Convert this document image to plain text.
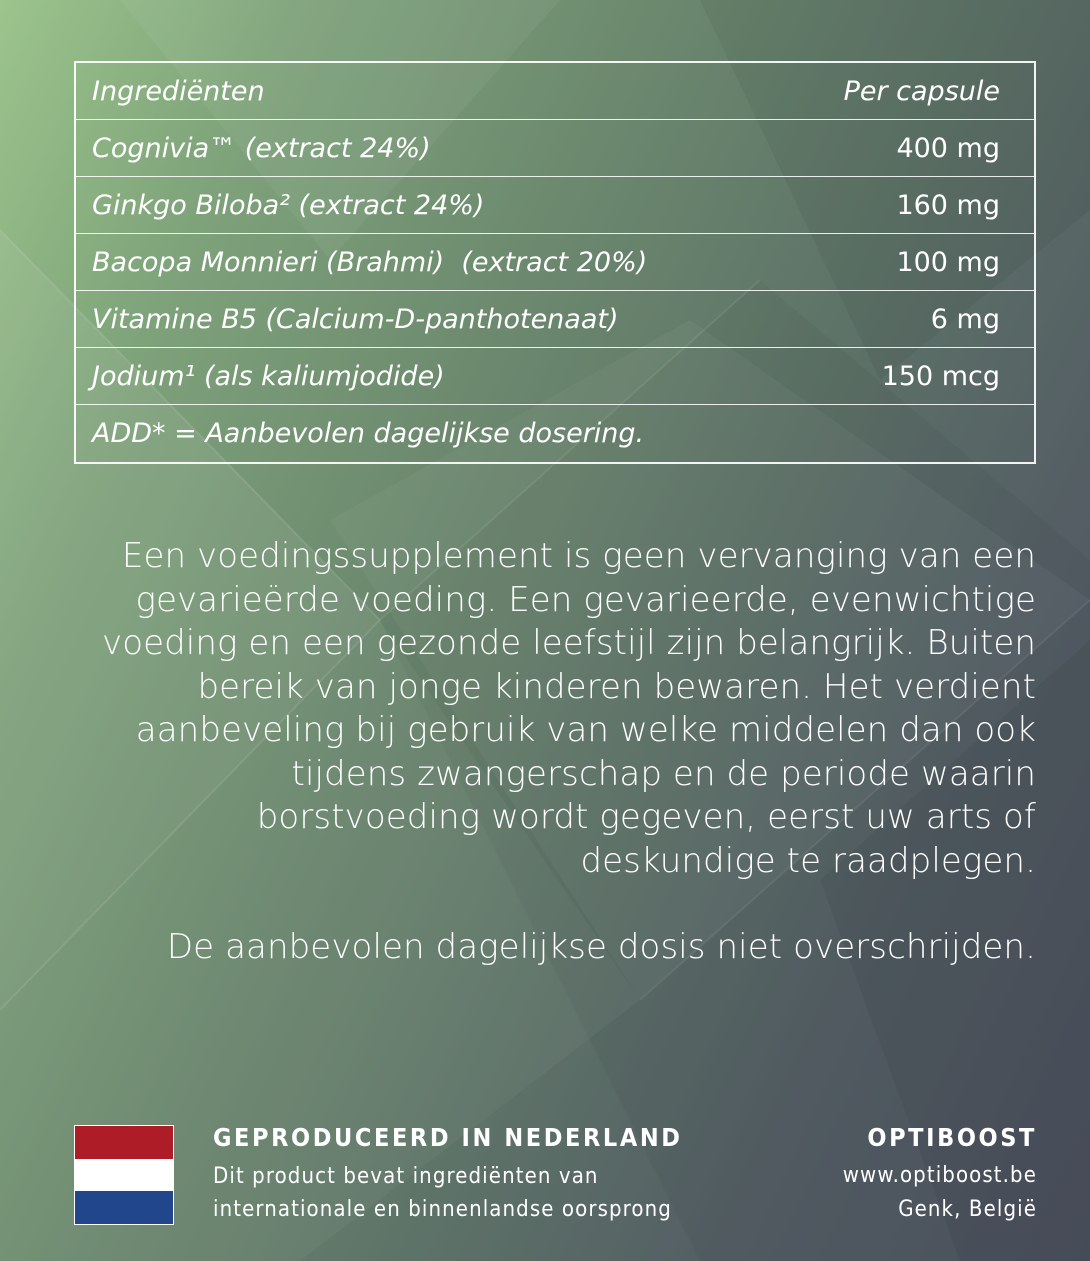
Ingrediënten	Per capsule
Cognivia™ (extract 24%)	400 mg
Ginkgo Biloba² (extract 24%)	160 mg
Bacopa Monnieri (Brahmi)  (extract 20%)	100 mg
Vitamine B5 (Calcium-D-panthotenaat)	6 mg
Jodium¹ (als kaliumjodide)	150 mcg
ADD* = Aanbevolen dagelijkse dosering.

Een voedingssupplement is geen vervanging van een
gevarieërde voeding. Een gevarieerde, evenwichtige
voeding en een gezonde leefstijl zijn belangrijk. Buiten
bereik van jonge kinderen bewaren. Het verdient
aanbeveling bij gebruik van welke middelen dan ook
tijdens zwangerschap en de periode waarin
borstvoeding wordt gegeven, eerst uw arts of
deskundige te raadplegen.

De aanbevolen dagelijkse dosis niet overschrijden.

GEPRODUCEERD IN NEDERLAND
Dit product bevat ingrediënten van
internationale en binnenlandse oorsprong
OPTIBOOST
www.optiboost.be
Genk, België
